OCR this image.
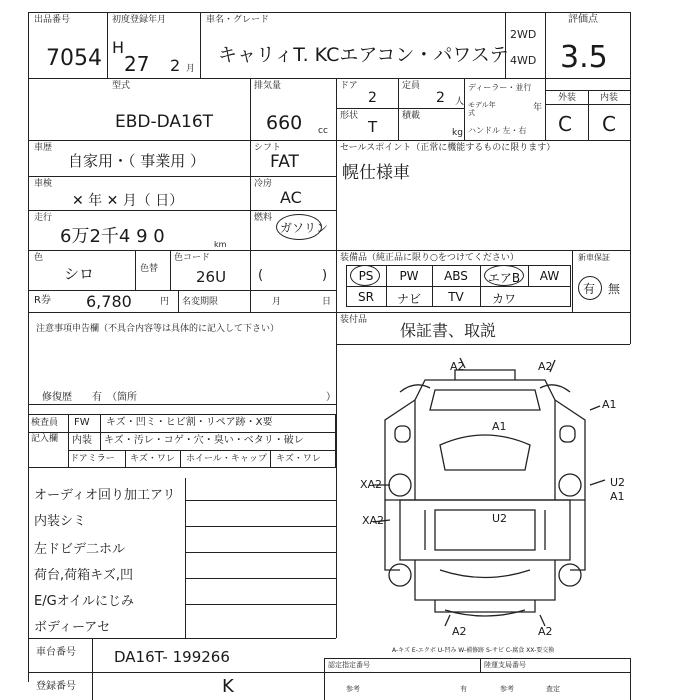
出品番号
7054
初度登録年月
H
27 2 月
車名・グレード
キャリィT. KCエアコン・パワステ
2WD
4WD
評価点
3.5
型式
EBD-DA16T
排気量
660 cc
ドア
2
定員
2 人
形状
T
積載
kg
ディーラー・並行
モデル年式	年
ハンドル 左・右
外装	内装
C C
車歴
自家用・（ 事業用 ）
シフト
FAT
車検
✕ 年 ✕ 月（ 日）
冷房
AC
走行
6万2千4 9 0	km
燃料
ガソリン
色
シロ	色替
色コード
26U (	)
R券 6,780	円 名変期限	月	日
セールスポイント（正常に機能するものに限ります）
幌仕様車
装備品（純正品に限り○をつけてください）	新車保証
PS	PW	ABS	エアB	AW
SR	ナビ	TV	カワ
有 無
装付品
保証書、取説
注意事項申告欄（不具合内容等は具体的に記入して下さい）
修復歴　　有　（箇所	）
検査員
記入欄
FW キズ・凹ミ・ヒビ割・リペア跡・X要
内装 キズ・汚レ・コゲ・穴・臭い・ベタリ・破レ
ドアミラー キズ・ワレ ホイール・キャップ キズ・ワレ
オーディオ回り加工アリ
内装シミ
左ドビデ二ホル
荷台,荷箱キズ,凹
E/Gオイルにじみ
ボディーアセ
A2	A2
A1
A1
U2
A1
XA2
XA2	U2
A2	A2
A-キズ E-エクボ U-凹み W-補修跡 S-サビ C-腐食 XX-要交換
車台番号	DA16T- 199266
登録番号	K
認定指定番号	陸運支局番号
参考	有	参考	査定
